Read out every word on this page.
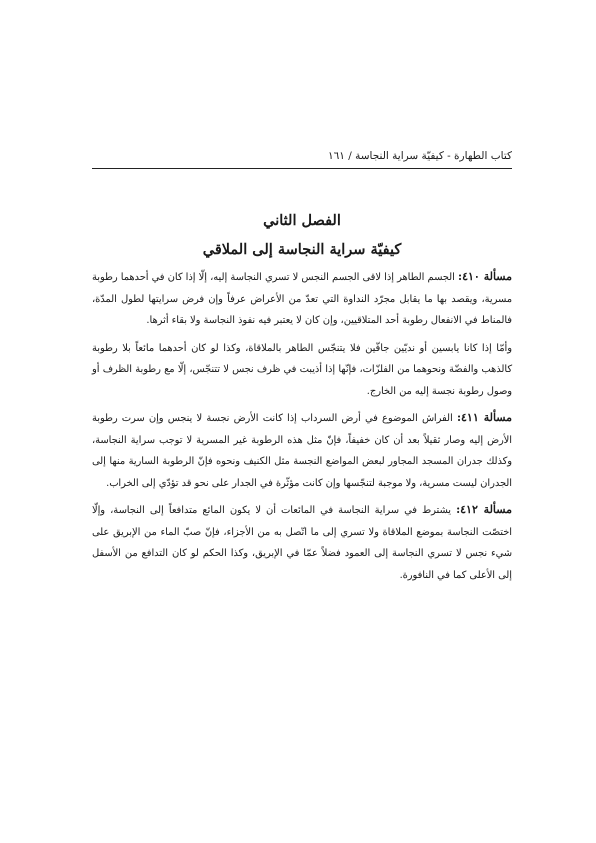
كتاب الطهارة - كيفيّة سراية النجاسة / ١٦١
الفصل الثاني
كيفيّة سراية النجاسة إلى الملاقي

مسألة ٤١٠: الجسم الطاهر إذا لاقى الجسم النجس لا تسري النجاسة إليه، إلّا إذا كان في أحدهما رطوبة مسرية، ويقصد بها ما يقابل مجرّد النداوة التي تعدّ من الأعراض عرفاً وإن فرض سرايتها لطول المدّة، فالمناط في الانفعال رطوبة أحد المتلاقيين، وإن كان لا يعتبر فيه نفوذ النجاسة ولا بقاء أثرها.

وأمّا إذا كانا يابسين أو نديّين جافّين فلا يتنجّس الطاهر بالملاقاة، وكذا لو كان أحدهما مائعاً بلا رطوبة كالذهب والفضّة ونحوهما من الفلزّات، فإنّها إذا أذيبت في ظرف نجس لا تتنجّس، إلّا مع رطوبة الظرف أو وصول رطوبة نجسة إليه من الخارج.

مسألة ٤١١: الفراش الموضوع في أرض السرداب إذا كانت الأرض نجسة لا ينجس وإن سرت رطوبة الأرض إليه وصار ثقيلاً بعد أن كان خفيفاً، فإنّ مثل هذه الرطوبة غير المسرية لا توجب سراية النجاسة، وكذلك جدران المسجد المجاور لبعض المواضع النجسة مثل الكنيف ونحوه فإنّ الرطوبة السارية منها إلى الجدران ليست مسرية، ولا موجبة لتنجّسها وإن كانت مؤثّرة في الجدار على نحو قد تؤدّي إلى الخراب.

مسألة ٤١٢: يشترط في سراية النجاسة في المائعات أن لا يكون المائع متدافعاً إلى النجاسة، وإلّا اختصّت النجاسة بموضع الملاقاة ولا تسري إلى ما اتّصل به من الأجزاء، فإنّ صبّ الماء من الإبريق على شيء نجس لا تسري النجاسة إلى العمود فضلاً عمّا في الإبريق، وكذا الحكم لو كان التدافع من الأسفل إلى الأعلى كما في النافورة.
